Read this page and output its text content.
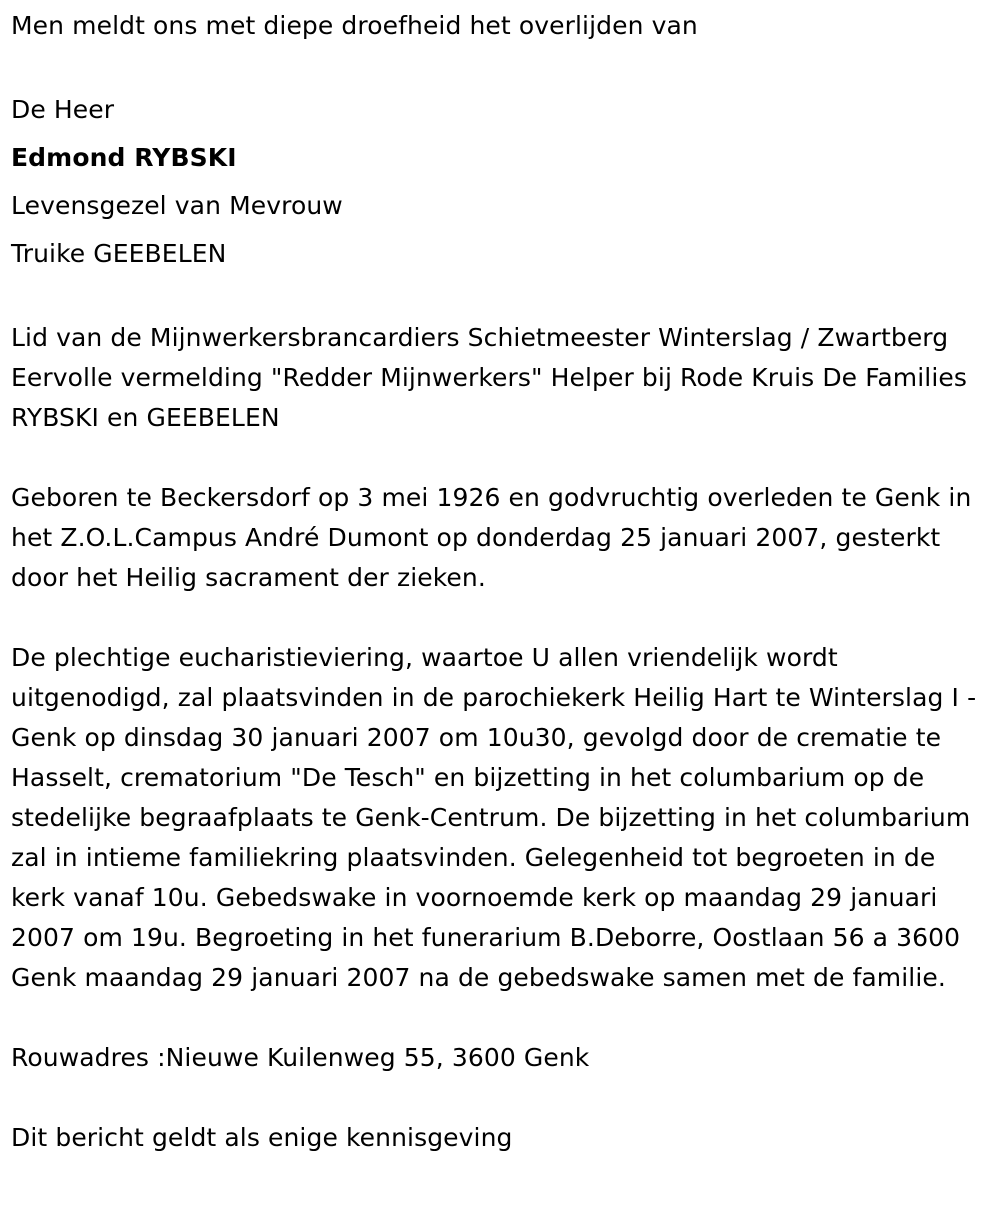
Men meldt ons met diepe droefheid het overlijden van

De Heer

Edmond RYBSKI

Levensgezel van Mevrouw

Truike GEEBELEN

Lid van de Mijnwerkersbrancardiers Schietmeester Winterslag / Zwartberg Eervolle vermelding "Redder Mijnwerkers" Helper bij Rode Kruis De Families RYBSKI en GEEBELEN

Geboren te Beckersdorf op 3 mei 1926 en godvruchtig overleden te Genk in het Z.O.L.Campus André Dumont op donderdag 25 januari 2007, gesterkt door het Heilig sacrament der zieken.

De plechtige eucharistieviering, waartoe U allen vriendelijk wordt uitgenodigd, zal plaatsvinden in de parochiekerk Heilig Hart te Winterslag I - Genk op dinsdag 30 januari 2007 om 10u30, gevolgd door de crematie te Hasselt, crematorium "De Tesch" en bijzetting in het columbarium op de stedelijke begraafplaats te Genk-Centrum. De bijzetting in het columbarium zal in intieme familiekring plaatsvinden. Gelegenheid tot begroeten in de kerk vanaf 10u. Gebedswake in voornoemde kerk op maandag 29 januari 2007 om 19u. Begroeting in het funerarium B.Deborre, Oostlaan 56 a 3600 Genk maandag 29 januari 2007 na de gebedswake samen met de familie.

Rouwadres :Nieuwe Kuilenweg 55, 3600 Genk

Dit bericht geldt als enige kennisgeving
